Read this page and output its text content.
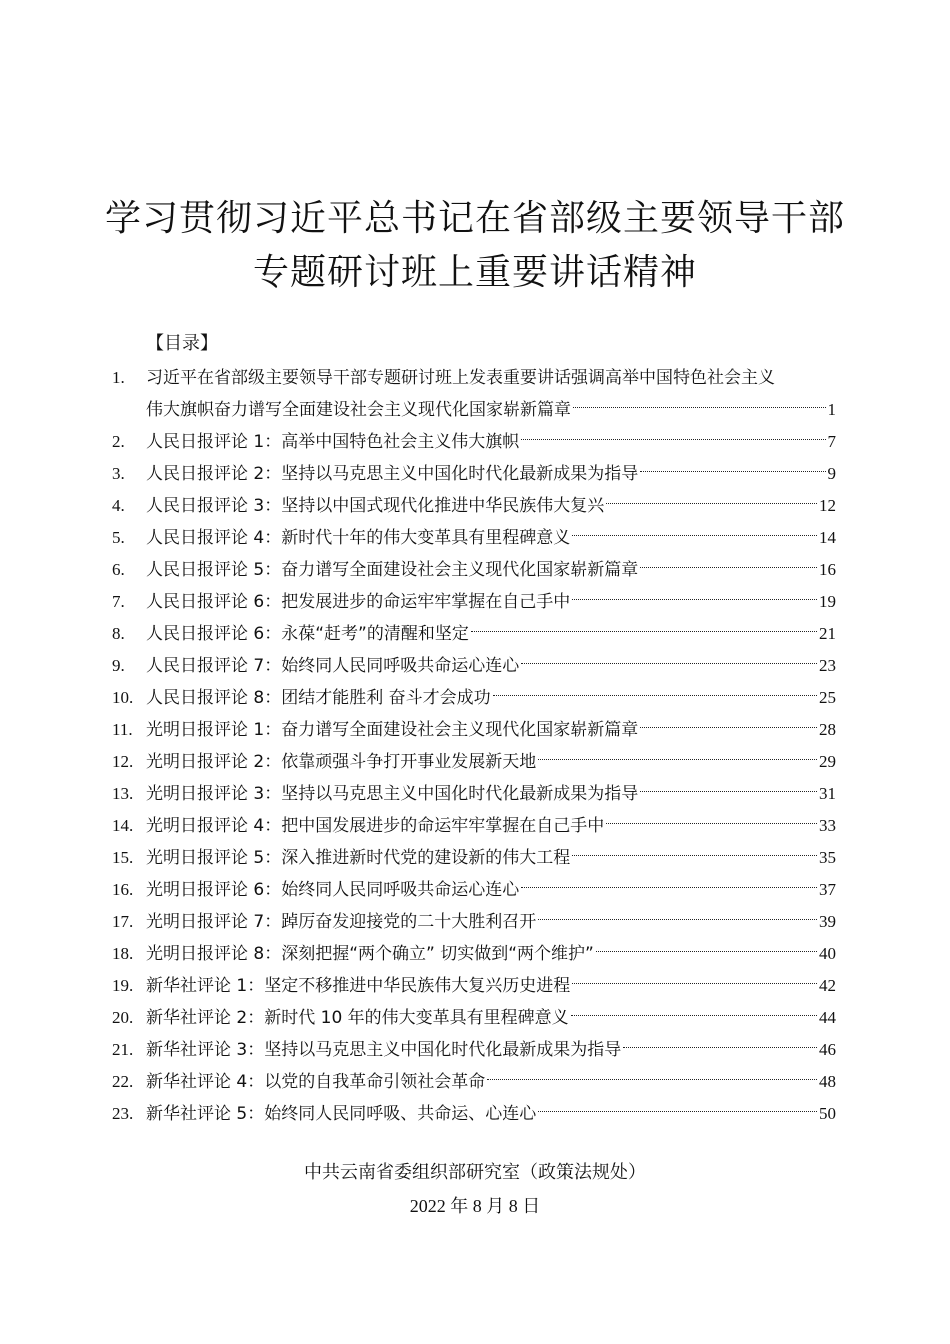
学习贯彻习近平总书记在省部级主要领导干部
专题研讨班上重要讲话精神
【目录】
1.	习近平在省部级主要领导干部专题研讨班上发表重要讲话强调高举中国特色社会主义
伟大旗帜奋力谱写全面建设社会主义现代化国家崭新篇章	1
2.	人民日报评论 1：高举中国特色社会主义伟大旗帜	7
3.	人民日报评论 2：坚持以马克思主义中国化时代化最新成果为指导	9
4.	人民日报评论 3：坚持以中国式现代化推进中华民族伟大复兴	12
5.	人民日报评论 4：新时代十年的伟大变革具有里程碑意义	14
6.	人民日报评论 5：奋力谱写全面建设社会主义现代化国家崭新篇章	16
7.	人民日报评论 6：把发展进步的命运牢牢掌握在自己手中	19
8.	人民日报评论 6：永葆“赶考”的清醒和坚定	21
9.	人民日报评论 7：始终同人民同呼吸共命运心连心	23
10. 人民日报评论 8：团结才能胜利 奋斗才会成功	25
11. 光明日报评论 1：奋力谱写全面建设社会主义现代化国家崭新篇章	28
12. 光明日报评论 2：依靠顽强斗争打开事业发展新天地	29
13. 光明日报评论 3：坚持以马克思主义中国化时代化最新成果为指导	31
14. 光明日报评论 4：把中国发展进步的命运牢牢掌握在自己手中	33
15. 光明日报评论 5：深入推进新时代党的建设新的伟大工程	35
16. 光明日报评论 6：始终同人民同呼吸共命运心连心	37
17. 光明日报评论 7：踔厉奋发迎接党的二十大胜利召开	39
18. 光明日报评论 8：深刻把握“两个确立” 切实做到“两个维护”	40
19. 新华社评论 1：坚定不移推进中华民族伟大复兴历史进程	42
20. 新华社评论 2：新时代 10 年的伟大变革具有里程碑意义	44
21. 新华社评论 3：坚持以马克思主义中国化时代化最新成果为指导	46
22. 新华社评论 4：以党的自我革命引领社会革命	48
23. 新华社评论 5：始终同人民同呼吸、共命运、心连心	50
中共云南省委组织部研究室（政策法规处）
2022 年 8 月 8 日
